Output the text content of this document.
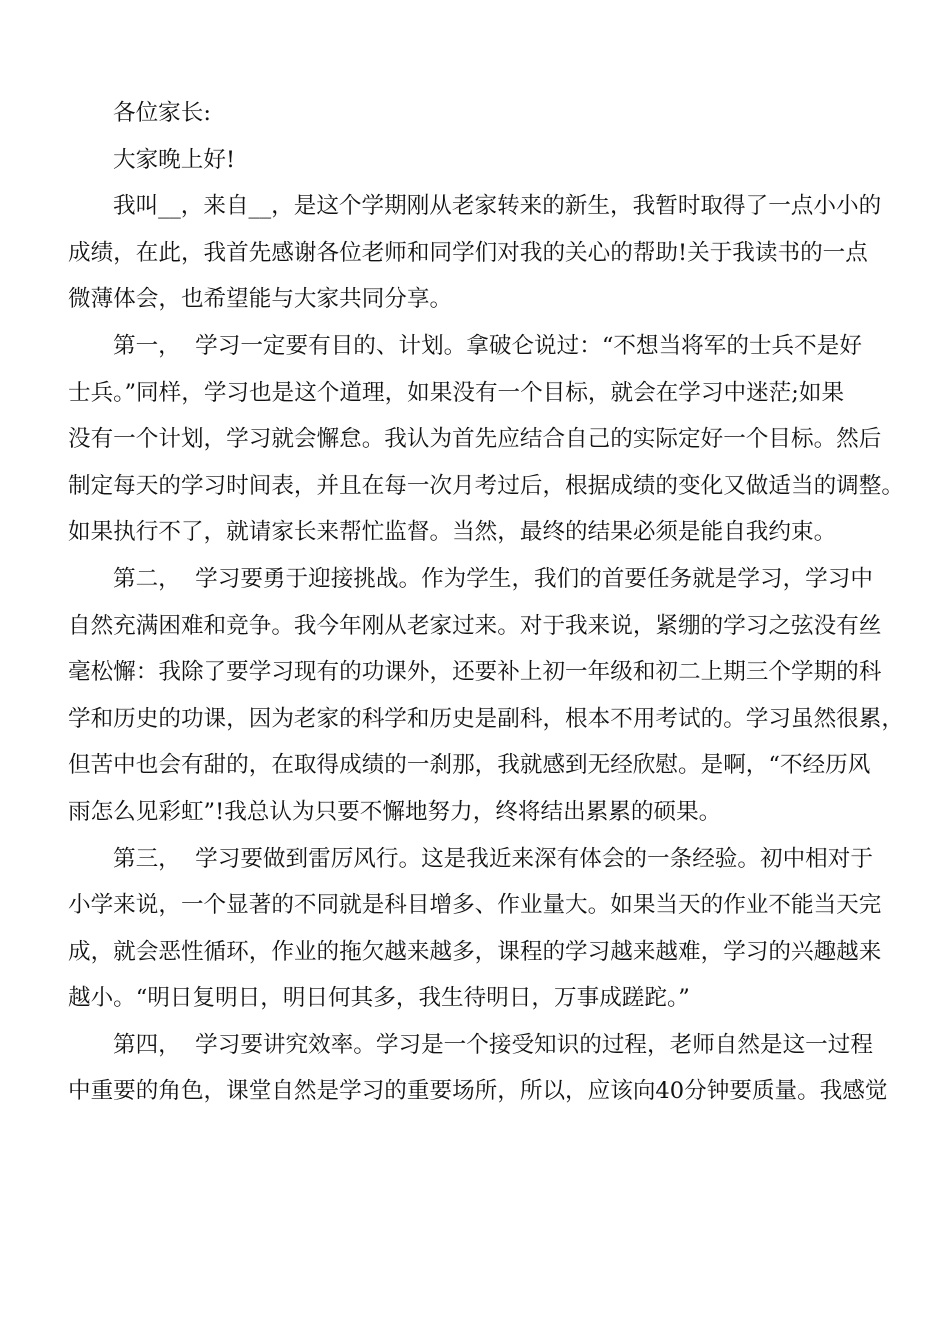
各位家长:
大家晚上好!
我叫__，来自__，是这个学期刚从老家转来的新生，我暂时取得了一点小小的
成绩，在此，我首先感谢各位老师和同学们对我的关心的帮助!关于我读书的一点
微薄体会，也希望能与大家共同分享。
第一，  学习一定要有目的、计划。拿破仑说过：“不想当将军的士兵不是好
士兵。”同样，学习也是这个道理，如果没有一个目标，就会在学习中迷茫;如果
没有一个计划，学习就会懈怠。我认为首先应结合自己的实际定好一个目标。然后
制定每天的学习时间表，并且在每一次月考过后，根据成绩的变化又做适当的调整。
如果执行不了，就请家长来帮忙监督。当然，最终的结果必须是能自我约束。
第二，  学习要勇于迎接挑战。作为学生，我们的首要任务就是学习，学习中
自然充满困难和竞争。我今年刚从老家过来。对于我来说，紧绷的学习之弦没有丝
毫松懈：我除了要学习现有的功课外，还要补上初一年级和初二上期三个学期的科
学和历史的功课，因为老家的科学和历史是副科，根本不用考试的。学习虽然很累，
但苦中也会有甜的，在取得成绩的一刹那，我就感到无经欣慰。是啊，“不经历风
雨怎么见彩虹”!我总认为只要不懈地努力，终将结出累累的硕果。
第三，  学习要做到雷厉风行。这是我近来深有体会的一条经验。初中相对于
小学来说，一个显著的不同就是科目增多、作业量大。如果当天的作业不能当天完
成，就会恶性循环，作业的拖欠越来越多，课程的学习越来越难，学习的兴趣越来
越小。“明日复明日，明日何其多，我生待明日，万事成蹉跎。”
第四，  学习要讲究效率。学习是一个接受知识的过程，老师自然是这一过程
中重要的角色，课堂自然是学习的重要场所，所以，应该向40分钟要质量。我感觉
